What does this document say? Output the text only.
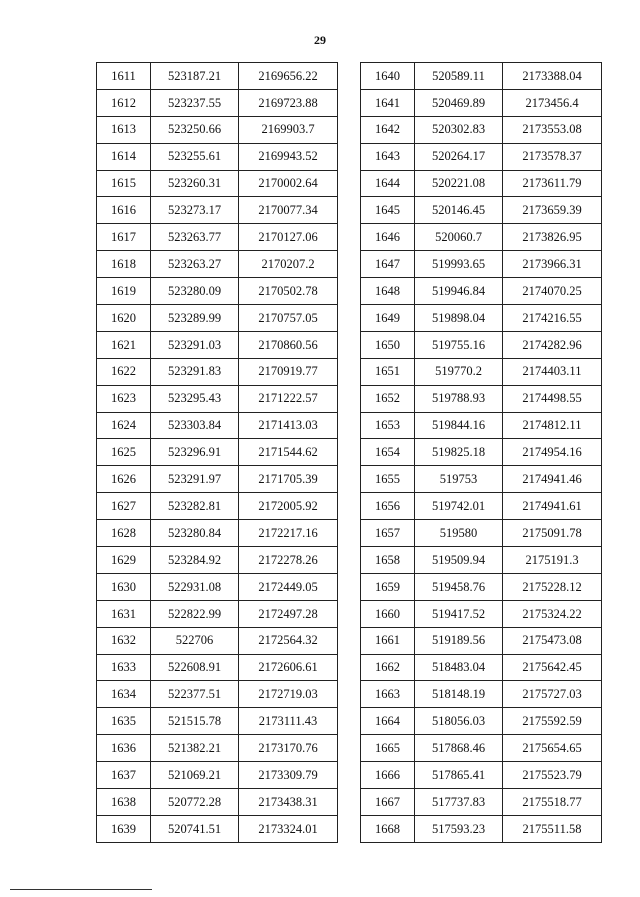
29
1611	523187.21	2169656.22
1612	523237.55	2169723.88
1613	523250.66	2169903.7
1614	523255.61	2169943.52
1615	523260.31	2170002.64
1616	523273.17	2170077.34
1617	523263.77	2170127.06
1618	523263.27	2170207.2
1619	523280.09	2170502.78
1620	523289.99	2170757.05
1621	523291.03	2170860.56
1622	523291.83	2170919.77
1623	523295.43	2171222.57
1624	523303.84	2171413.03
1625	523296.91	2171544.62
1626	523291.97	2171705.39
1627	523282.81	2172005.92
1628	523280.84	2172217.16
1629	523284.92	2172278.26
1630	522931.08	2172449.05
1631	522822.99	2172497.28
1632	522706	2172564.32
1633	522608.91	2172606.61
1634	522377.51	2172719.03
1635	521515.78	2173111.43
1636	521382.21	2173170.76
1637	521069.21	2173309.79
1638	520772.28	2173438.31
1639	520741.51	2173324.01
1640	520589.11	2173388.04
1641	520469.89	2173456.4
1642	520302.83	2173553.08
1643	520264.17	2173578.37
1644	520221.08	2173611.79
1645	520146.45	2173659.39
1646	520060.7	2173826.95
1647	519993.65	2173966.31
1648	519946.84	2174070.25
1649	519898.04	2174216.55
1650	519755.16	2174282.96
1651	519770.2	2174403.11
1652	519788.93	2174498.55
1653	519844.16	2174812.11
1654	519825.18	2174954.16
1655	519753	2174941.46
1656	519742.01	2174941.61
1657	519580	2175091.78
1658	519509.94	2175191.3
1659	519458.76	2175228.12
1660	519417.52	2175324.22
1661	519189.56	2175473.08
1662	518483.04	2175642.45
1663	518148.19	2175727.03
1664	518056.03	2175592.59
1665	517868.46	2175654.65
1666	517865.41	2175523.79
1667	517737.83	2175518.77
1668	517593.23	2175511.58
